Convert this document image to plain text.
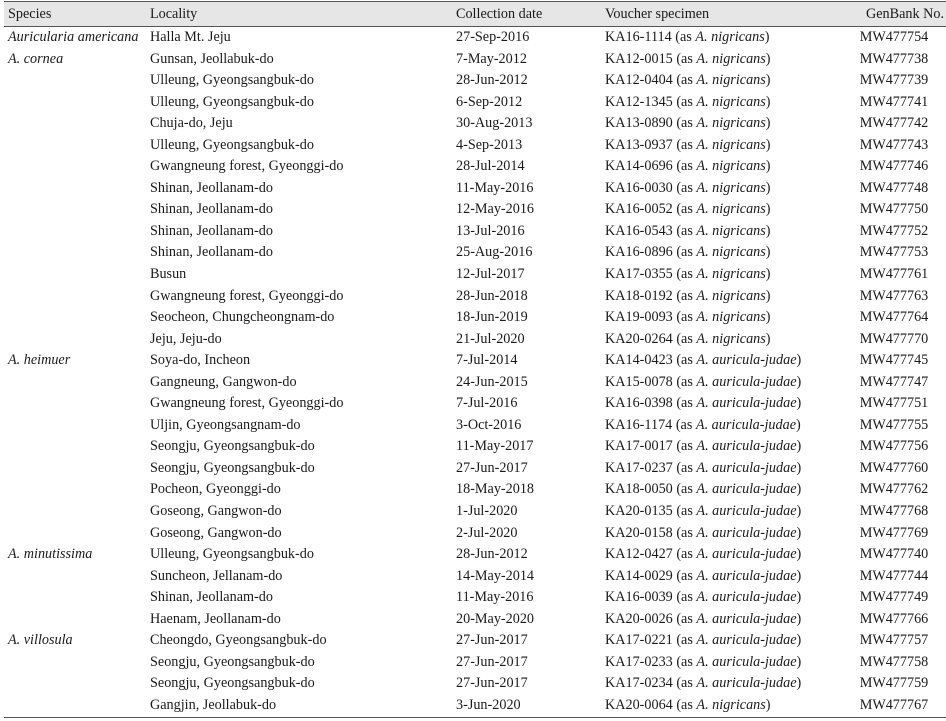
Species	Locality	Collection date	Voucher specimen	GenBank No.
Auricularia americana	Halla Mt. Jeju	27-Sep-2016	KA16-1114 (as A. nigricans)	MW477754
A. cornea	Gunsan, Jeollabuk-do	7-May-2012	KA12-0015 (as A. nigricans)	MW477738
	Ulleung, Gyeongsangbuk-do	28-Jun-2012	KA12-0404 (as A. nigricans)	MW477739
	Ulleung, Gyeongsangbuk-do	6-Sep-2012	KA12-1345 (as A. nigricans)	MW477741
	Chuja-do, Jeju	30-Aug-2013	KA13-0890 (as A. nigricans)	MW477742
	Ulleung, Gyeongsangbuk-do	4-Sep-2013	KA13-0937 (as A. nigricans)	MW477743
	Gwangneung forest, Gyeonggi-do	28-Jul-2014	KA14-0696 (as A. nigricans)	MW477746
	Shinan, Jeollanam-do	11-May-2016	KA16-0030 (as A. nigricans)	MW477748
	Shinan, Jeollanam-do	12-May-2016	KA16-0052 (as A. nigricans)	MW477750
	Shinan, Jeollanam-do	13-Jul-2016	KA16-0543 (as A. nigricans)	MW477752
	Shinan, Jeollanam-do	25-Aug-2016	KA16-0896 (as A. nigricans)	MW477753
	Busun	12-Jul-2017	KA17-0355 (as A. nigricans)	MW477761
	Gwangneung forest, Gyeonggi-do	28-Jun-2018	KA18-0192 (as A. nigricans)	MW477763
	Seocheon, Chungcheongnam-do	18-Jun-2019	KA19-0093 (as A. nigricans)	MW477764
	Jeju, Jeju-do	21-Jul-2020	KA20-0264 (as A. nigricans)	MW477770
A. heimuer	Soya-do, Incheon	7-Jul-2014	KA14-0423 (as A. auricula-judae)	MW477745
	Gangneung, Gangwon-do	24-Jun-2015	KA15-0078 (as A. auricula-judae)	MW477747
	Gwangneung forest, Gyeonggi-do	7-Jul-2016	KA16-0398 (as A. auricula-judae)	MW477751
	Uljin, Gyeongsangnam-do	3-Oct-2016	KA16-1174 (as A. auricula-judae)	MW477755
	Seongju, Gyeongsangbuk-do	11-May-2017	KA17-0017 (as A. auricula-judae)	MW477756
	Seongju, Gyeongsangbuk-do	27-Jun-2017	KA17-0237 (as A. auricula-judae)	MW477760
	Pocheon, Gyeonggi-do	18-May-2018	KA18-0050 (as A. auricula-judae)	MW477762
	Goseong, Gangwon-do	1-Jul-2020	KA20-0135 (as A. auricula-judae)	MW477768
	Goseong, Gangwon-do	2-Jul-2020	KA20-0158 (as A. auricula-judae)	MW477769
A. minutissima	Ulleung, Gyeongsangbuk-do	28-Jun-2012	KA12-0427 (as A. auricula-judae)	MW477740
	Suncheon, Jellanam-do	14-May-2014	KA14-0029 (as A. auricula-judae)	MW477744
	Shinan, Jeollanam-do	11-May-2016	KA16-0039 (as A. auricula-judae)	MW477749
	Haenam, Jeollanam-do	20-May-2020	KA20-0026 (as A. auricula-judae)	MW477766
A. villosula	Cheongdo, Gyeongsangbuk-do	27-Jun-2017	KA17-0221 (as A. auricula-judae)	MW477757
	Seongju, Gyeongsangbuk-do	27-Jun-2017	KA17-0233 (as A. auricula-judae)	MW477758
	Seongju, Gyeongsangbuk-do	27-Jun-2017	KA17-0234 (as A. auricula-judae)	MW477759
	Gangjin, Jeollabuk-do	3-Jun-2020	KA20-0064 (as A. nigricans)	MW477767
